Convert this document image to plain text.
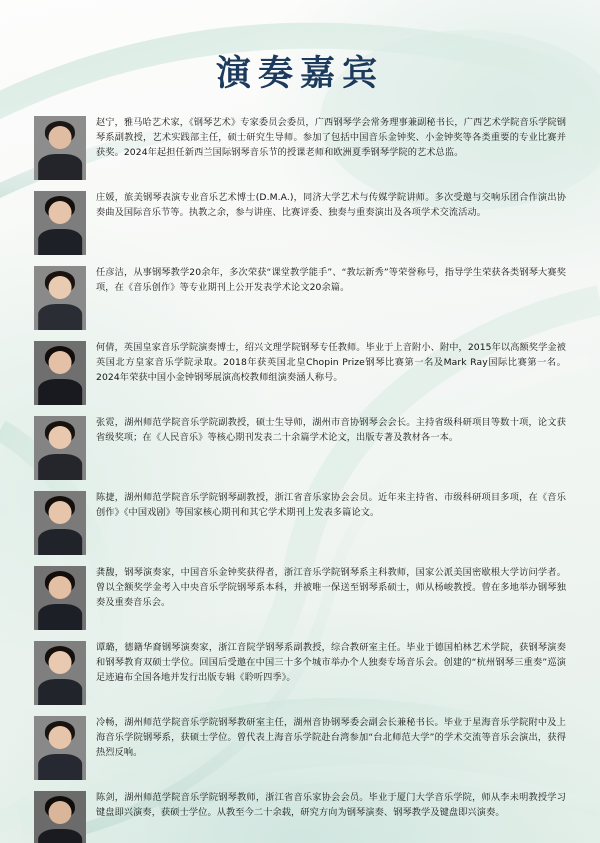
演奏嘉宾
赵宁，雅马哈艺术家，《钢琴艺术》专家委员会委员，广西钢琴学会常务理事兼副秘书长，广西艺术学院音乐学院钢琴系副教授，艺术实践部主任，硕士研究生导师。参加了包括中国音乐金钟奖、小金钟奖等各类重要的专业比赛并获奖。2024年起担任新西兰国际钢琴音乐节的授课老师和欧洲夏季钢琴学院的艺术总监。
庄媛，旅美钢琴表演专业音乐艺术博士(D.M.A.)，同济大学艺术与传媒学院讲师。多次受邀与交响乐团合作演出协奏曲及国际音乐节等。执教之余，参与讲座、比赛评委、独奏与重奏演出及各项学术交流活动。
任彦洁，从事钢琴教学20余年，多次荣获“课堂教学能手”、“教坛新秀”等荣誉称号，指导学生荣获各类钢琴大赛奖项，在《音乐创作》等专业期刊上公开发表学术论文20余篇。
何倩，英国皇家音乐学院演奏博士，绍兴文理学院钢琴专任教师。毕业于上音附小、附中，2015年以高额奖学金被英国北方皇家音乐学院录取。2018年获英国北皇Chopin Prize钢琴比赛第一名及Mark Ray国际比赛第一名。2024年荣获中国小金钟钢琴展演高校教师组演奏涵人称号。
张霓，湖州师范学院音乐学院副教授，硕士生导师，湖州市音协钢琴会会长。主持省级科研项目等数十项，论文获省级奖项；在《人民音乐》等核心期刊发表二十余篇学术论文，出版专著及教材各一本。
陈捷，湖州师范学院音乐学院钢琴副教授，浙江省音乐家协会会员。近年来主持省、市级科研项目多项，在《音乐创作》《中国戏剧》等国家核心期刊和其它学术期刊上发表多篇论文。
龚馥，钢琴演奏家，中国音乐金钟奖获得者，浙江音乐学院钢琴系主科教师，国家公派美国密歇根大学访问学者。曾以全额奖学金考入中央音乐学院钢琴系本科，并被唯一保送至钢琴系硕士，师从杨峻教授。曾在多地举办钢琴独奏及重奏音乐会。
谭璐，德籍华裔钢琴演奏家，浙江音院学钢琴系副教授，综合教研室主任。毕业于德国柏林艺术学院，获钢琴演奏和钢琴教育双硕士学位。回国后受邀在中国三十多个城市举办个人独奏专场音乐会。创建的“杭州钢琴三重奏”巡演足迹遍布全国各地并发行出版专辑《聆听四季》。
冷畅，湖州师范学院音乐学院钢琴教研室主任，湖州音协钢琴委会副会长兼秘书长。毕业于星海音乐学院附中及上海音乐学院钢琴系，获硕士学位。曾代表上海音乐学院赴台湾参加“台北师范大学”的学术交流等音乐会演出，获得热烈反响。
陈剑，湖州师范学院音乐学院钢琴教师，浙江省音乐家协会会员。毕业于厦门大学音乐学院，师从李未明教授学习键盘即兴演奏，获硕士学位。从教至今二十余载，研究方向为钢琴演奏、钢琴教学及键盘即兴演奏。
